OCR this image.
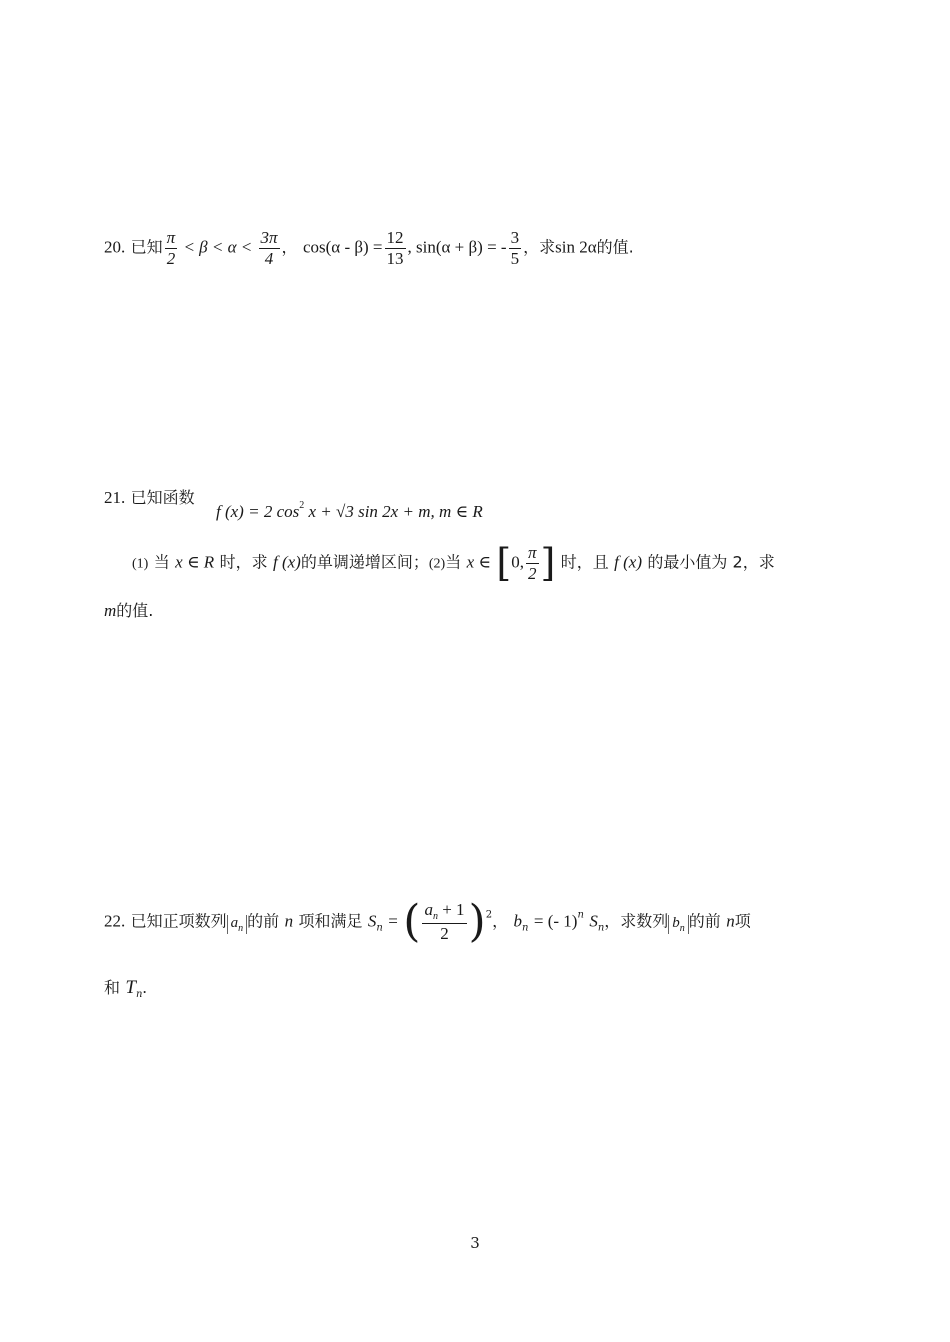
20. 已知 $\frac{\pi}{2} < \beta < \alpha < \frac{3\pi}{4}$ ， $\cos(\alpha - \beta) = \frac{12}{13}$ , sin(α + β) = - $\frac{3}{5}$ ，求sin 2α的值.
21. 已知函数
f (x) = 2 $\cos^2 x + √3$ sin 2x + m, m ∈ R
(1) 当 x ∈ R 时，求 f (x)的单调递增区间；(2)当 x ∈ [0, $\frac{\pi}{2}$ ] 时，且 f (x) 的最小值为 2，求
m的值.
22. 已知正项数列 $a_n$ 的前 n 项和满足 $S_n$ = ( $\frac{a_n + 1}{2} )^2$， $b_n$ = (- 1)$^n$ $S_n$，求数列 $b_n$ 的前 n项
和 $T_n$.
3
